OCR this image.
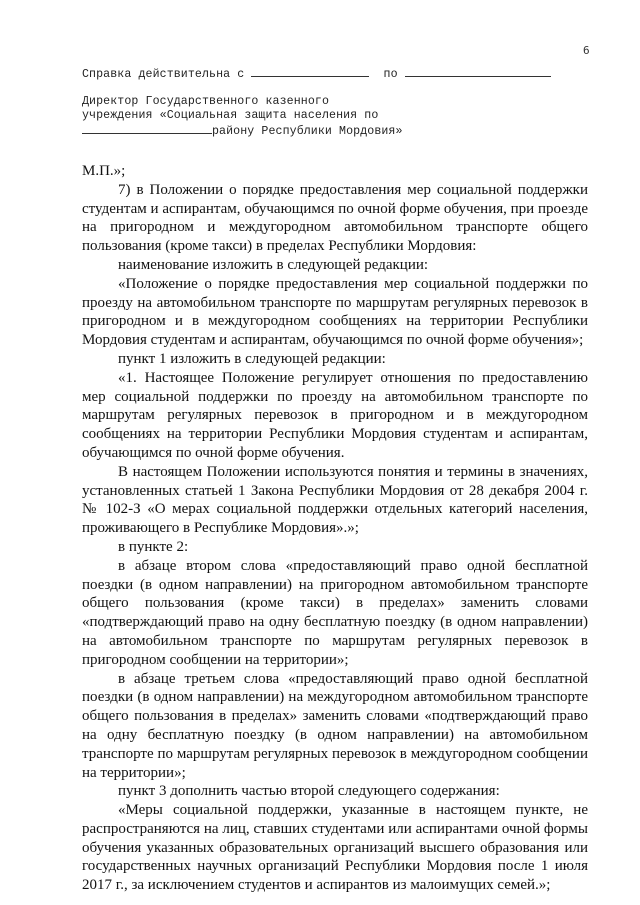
6
Справка действительна с	по
Директор Государственного казенного
учреждения «Социальная защита населения по
району Республики Мордовия»

М.П.»;

7) в Положении о порядке предоставления мер социальной поддержки студентам и аспирантам, обучающимся по очной форме обучения, при проезде на пригородном и междугородном автомобильном транспорте общего пользования (кроме такси) в пределах Республики Мордовия:

наименование изложить в следующей редакции:

«Положение о порядке предоставления мер социальной поддержки по проезду на автомобильном транспорте по маршрутам регулярных перевозок в пригородном и в междугородном сообщениях на территории Республики Мордовия студентам и аспирантам, обучающимся по очной форме обучения»;

пункт 1 изложить в следующей редакции:

«1. Настоящее Положение регулирует отношения по предоставлению мер социальной поддержки по проезду на автомобильном транспорте по маршрутам регулярных перевозок в пригородном и в междугородном сообщениях на территории Республики Мордовия студентам и аспирантам, обучающимся по очной форме обучения.

В настоящем Положении используются понятия и термины в значениях, установленных статьей 1 Закона Республики Мордовия от 28 декабря 2004 г. № 102-З «О мерах социальной поддержки отдельных категорий населения, проживающего в Республике Мордовия».»;

в пункте 2:

в абзаце втором слова «предоставляющий право одной бесплатной поездки (в одном направлении) на пригородном автомобильном транспорте общего пользования (кроме такси) в пределах» заменить словами «подтверждающий право на одну бесплатную поездку (в одном направлении) на автомобильном транспорте по маршрутам регулярных перевозок в пригородном сообщении на территории»;

в абзаце третьем слова «предоставляющий право одной бесплатной поездки (в одном направлении) на междугородном автомобильном транспорте общего пользования в пределах» заменить словами «подтверждающий право на одну бесплатную поездку (в одном направлении) на автомобильном транспорте по маршрутам регулярных перевозок в междугородном сообщении на территории»;

пункт 3 дополнить частью второй следующего содержания:

«Меры социальной поддержки, указанные в настоящем пункте, не распространяются на лиц, ставших студентами или аспирантами очной формы обучения указанных образовательных организаций высшего образования или государственных научных организаций Республики Мордовия после 1 июля 2017 г., за исключением студентов и аспирантов из малоимущих семей.»;
